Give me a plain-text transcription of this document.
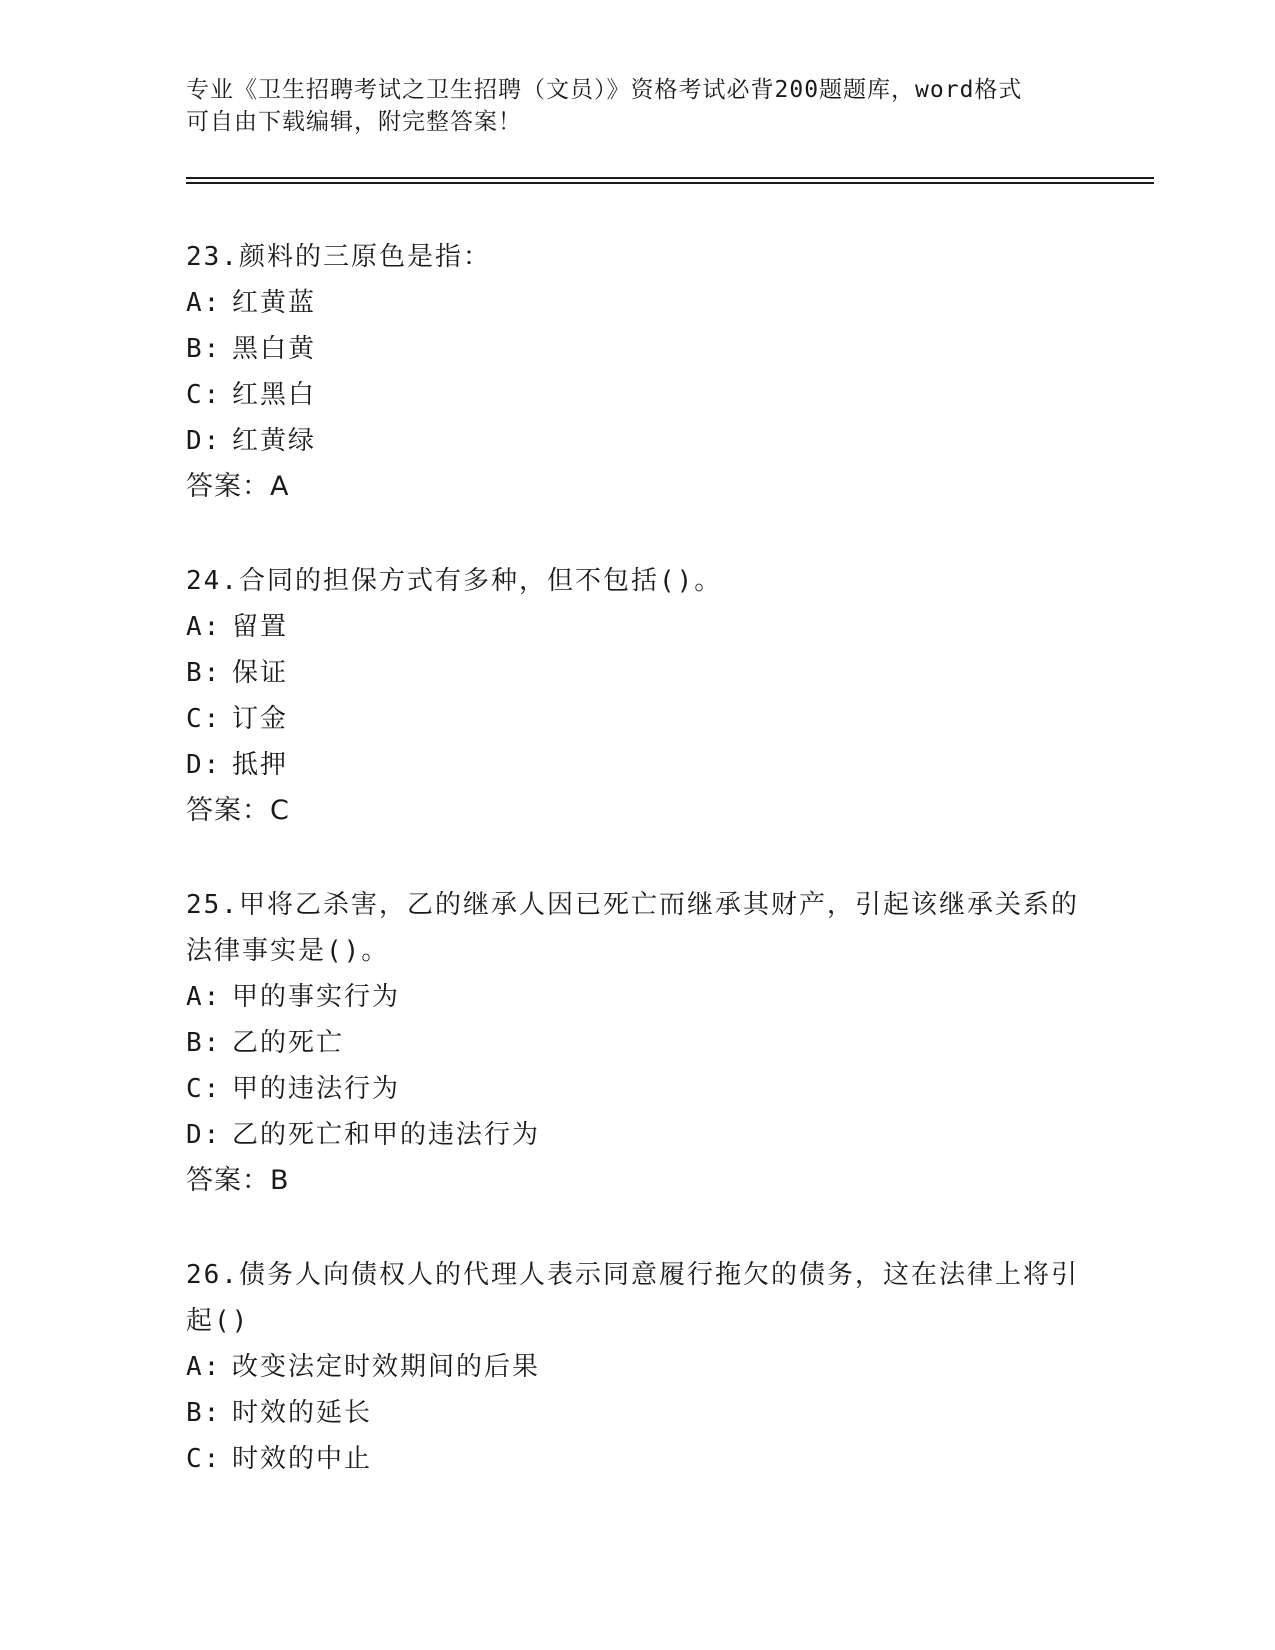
专业《卫生招聘考试之卫生招聘（文员）》资格考试必背200题题库，word格式
可自由下载编辑，附完整答案！

23.颜料的三原色是指：

A: 红黄蓝
B: 黑白黄
C: 红黑白
D: 红黄绿
答案：A

24.合同的担保方式有多种，但不包括()。

A: 留置
B: 保证
C: 订金
D: 抵押
答案：C

25.甲将乙杀害，乙的继承人因已死亡而继承其财产，引起该继承关系的法律事实是()。

A: 甲的事实行为
B: 乙的死亡
C: 甲的违法行为
D: 乙的死亡和甲的违法行为
答案：B

26.债务人向债权人的代理人表示同意履行拖欠的债务，这在法律上将引起()

A: 改变法定时效期间的后果
B: 时效的延长
C: 时效的中止
